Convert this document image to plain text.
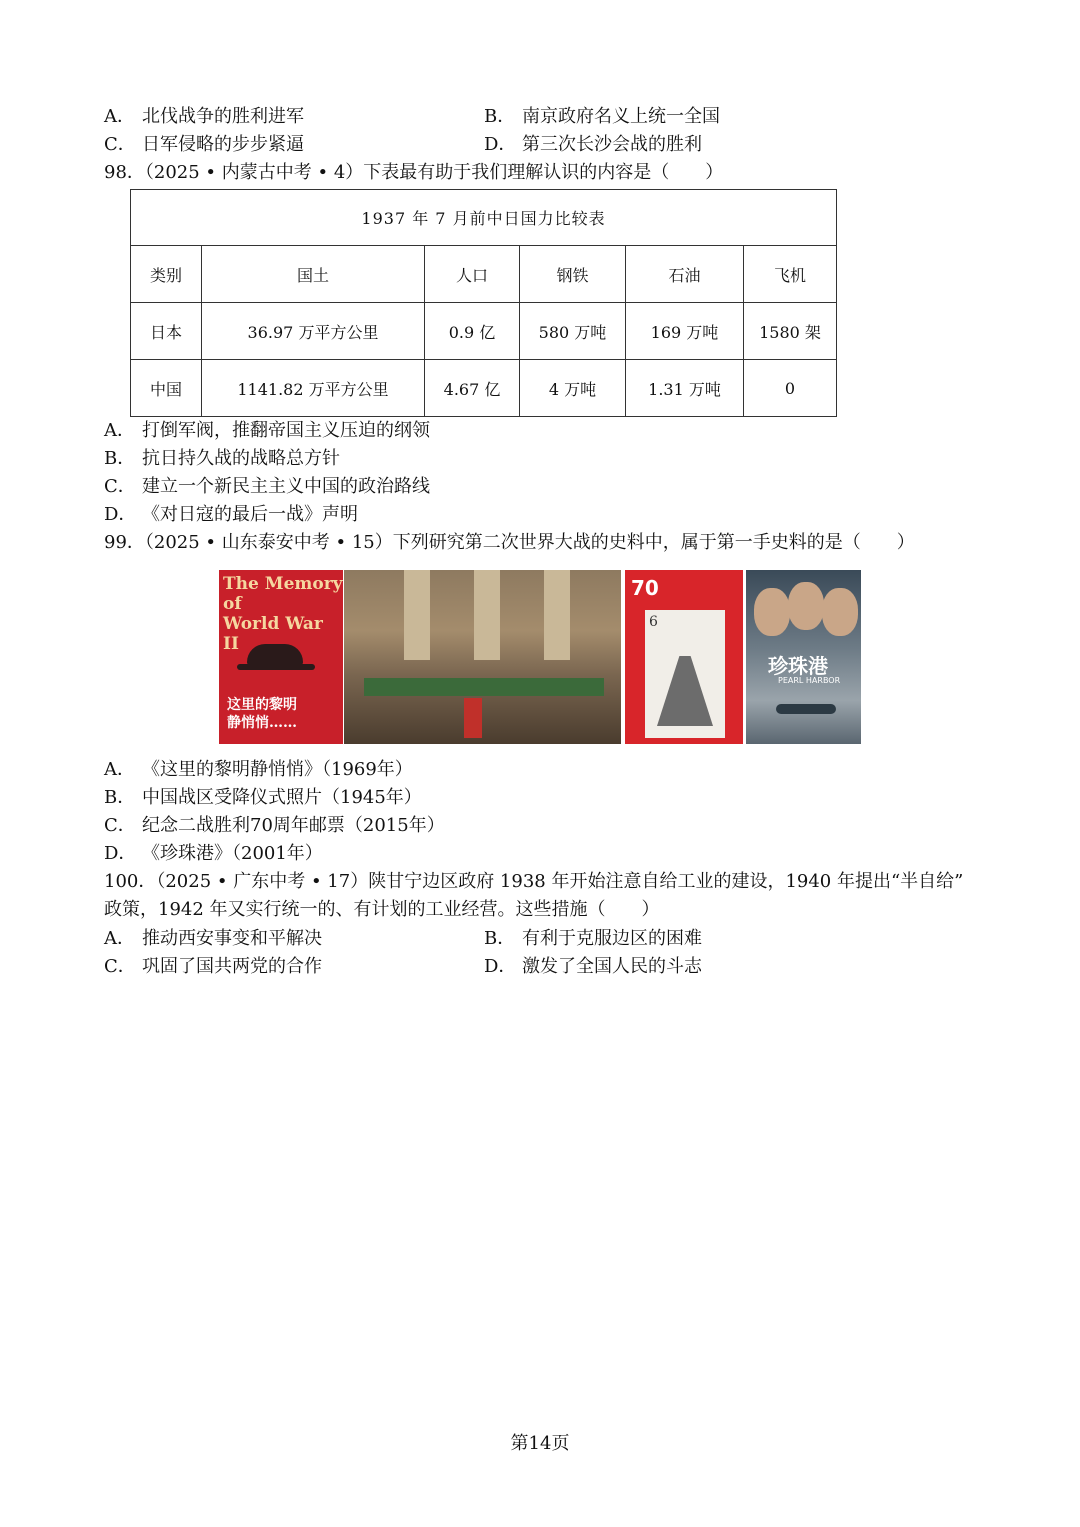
A． 北伐战争的胜利进军	B． 南京政府名义上统一全国
C． 日军侵略的步步紧逼	D． 第三次长沙会战的胜利
98．（2025 • 内蒙古中考 • 4）下表最有助于我们理解认识的内容是（　　）
1937 年 7 月前中日国力比较表					
类别	国土	人口	钢铁	石油	飞机
日本	36.97 万平方公里	0.9 亿	580 万吨	169 万吨	1580 架
中国	1141.82 万平方公里	4.67 亿	4 万吨	1.31 万吨	0
A． 打倒军阀，推翻帝国主义压迫的纲领
B． 抗日持久战的战略总方针
C． 建立一个新民主主义中国的政治路线
D． 《对日寇的最后一战》声明
99．（2025 • 山东泰安中考 • 15）下列研究第二次世界大战的史料中，属于第一手史料的是（　　）
The Memory of
World War II
这里的黎明
静悄悄……
70
6
珍珠港
PEARL HARBOR
A． 《这里的黎明静悄悄》（1969年）
B． 中国战区受降仪式照片（1945年）
C． 纪念二战胜利70周年邮票（2015年）
D． 《珍珠港》（2001年）
100．（2025 • 广东中考 • 17）陕甘宁边区政府 1938 年开始注意自给工业的建设，1940 年提出“半自给”
政策，1942 年又实行统一的、有计划的工业经营。这些措施（　　）
A． 推动西安事变和平解决	B． 有利于克服边区的困难
C． 巩固了国共两党的合作	D． 激发了全国人民的斗志
第14页
